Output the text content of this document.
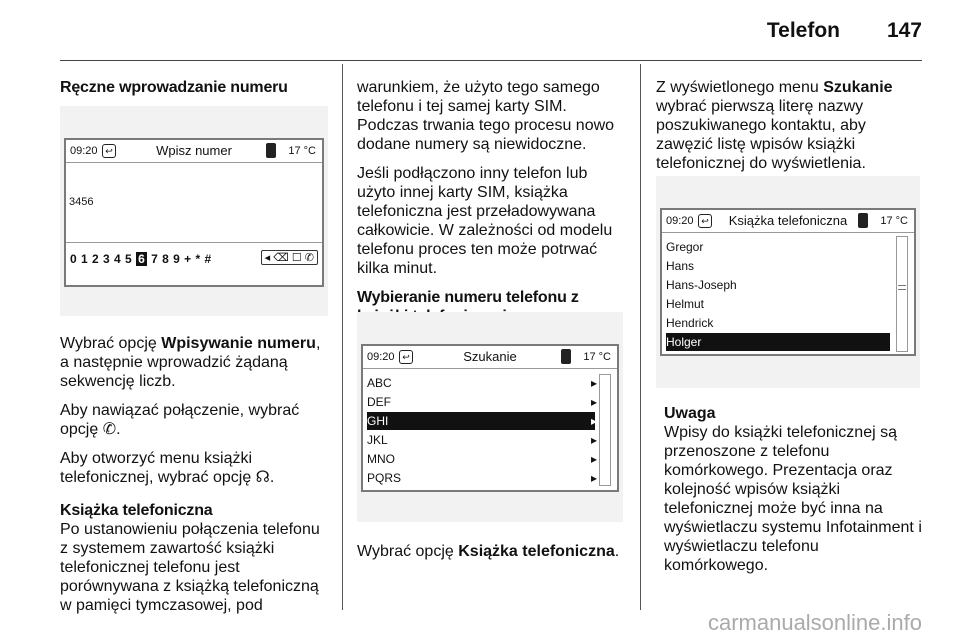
Telefon 147
Ręczne wprowadzanie numeru
09:20 ↩	Wpisz numer	17 °C
3456
0 1 2 3 4 5 6 7 8 9 + * #	◂ ⌫ ☐ ✆

Wybrać opcję Wpisywanie numeru, a następnie wprowadzić żądaną sekwencję liczb.

Aby nawiązać połączenie, wybrać opcję ✆.

Aby otworzyć menu książki telefonicznej, wybrać opcję ☊.

Książka telefoniczna

Po ustanowieniu połączenia telefonu z systemem zawartość książki telefonicznej telefonu jest porównywana z książką telefoniczną w pamięci tymczasowej, pod

warunkiem, że użyto tego samego telefonu i tej samej karty SIM. Podczas trwania tego procesu nowo dodane numery są niewidoczne.

Jeśli podłączono inny telefon lub użyto innej karty SIM, książka telefoniczna jest przeładowywana całkowicie. W zależności od modelu telefonu proces ten może potrwać kilka minut.

Wybieranie numeru telefonu z
09:20 ↩	Szukanie	17 °C
ABC	▸
DEF	▸
GHI	▸
JKL	▸
MNO	▸
PQRS	▸

Wybrać opcję Książka telefoniczna.

Z wyświetlonego menu Szukanie wybrać pierwszą literę nazwy poszukiwanego kontaktu, aby zawęzić listę wpisów książki telefonicznej do wyświetlenia.

09:20 ↩	Książka telefoniczna	17 °C
Gregor
Hans
Hans-Joseph
Helmut
Hendrick
Holger
Uwaga
Wpisy do książki telefonicznej są przenoszone z telefonu komórkowego. Prezentacja oraz kolejność wpisów książki telefonicznej może być inna na wyświetlaczu systemu Infotainment i wyświetlaczu telefonu komórkowego.
carmanualsonline.info
